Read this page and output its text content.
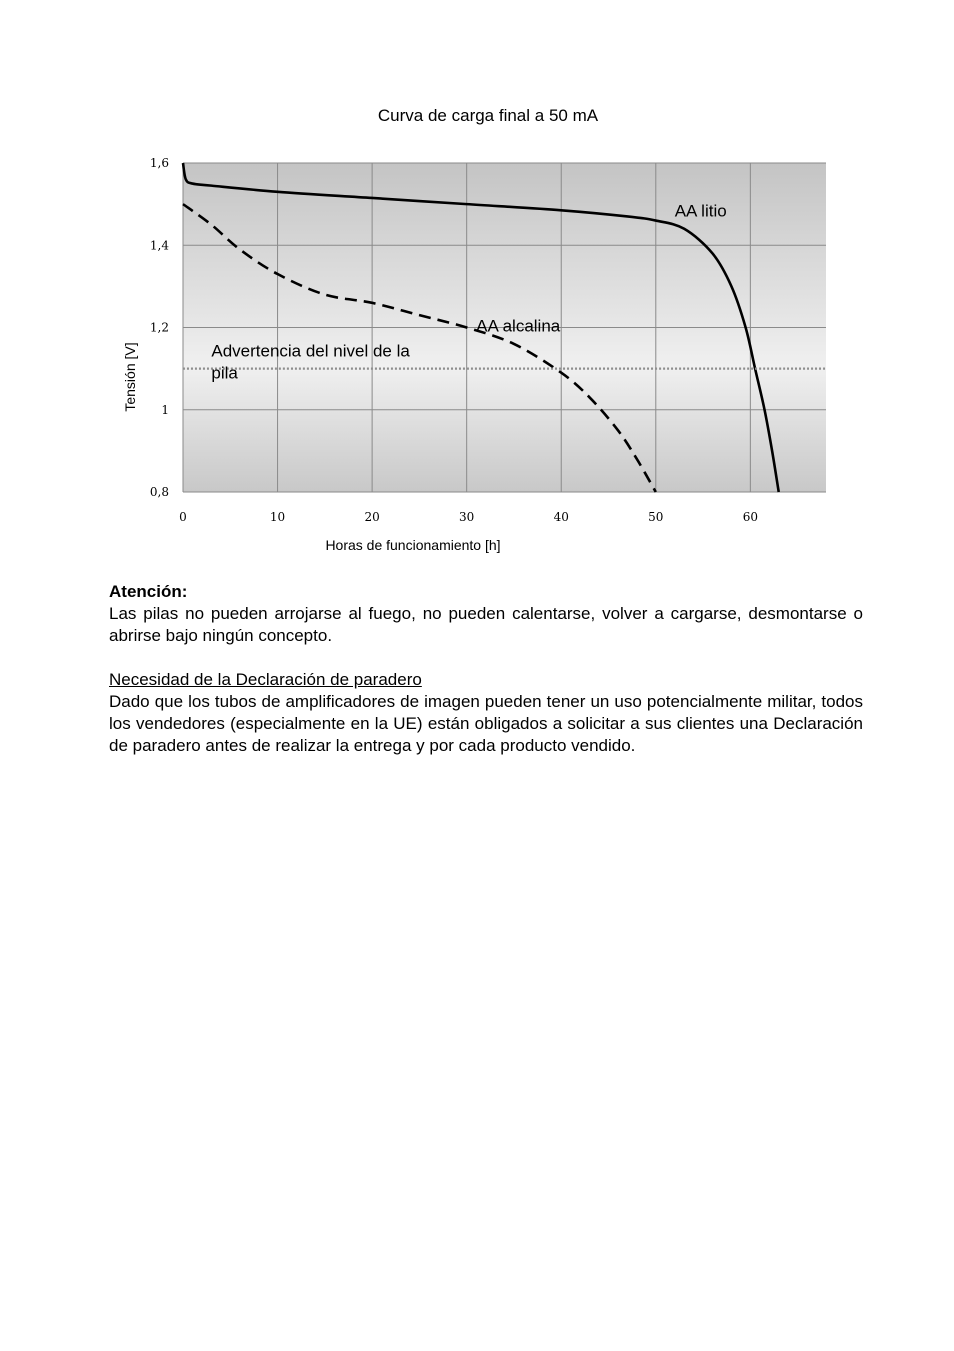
Curva de carga final a 50 mA
0	10	20	30	40	50	60
0,8
1
1,2
1,4
1,6
AA litio
AA alcalina
Advertencia del nivel de la
pila
Horas de funcionamiento [h]
Tensión [V]

Atención:

Las pilas no pueden arrojarse al fuego, no pueden calentarse, volver a cargarse, desmontarse o abrirse bajo ningún concepto.

Necesidad de la Declaración de paradero

Dado que los tubos de amplificadores de imagen pueden tener un uso potencialmente militar, todos los vendedores (especialmente en la UE) están obligados a solicitar a sus clientes una Declaración de paradero antes de realizar la entrega y por cada producto vendido.
